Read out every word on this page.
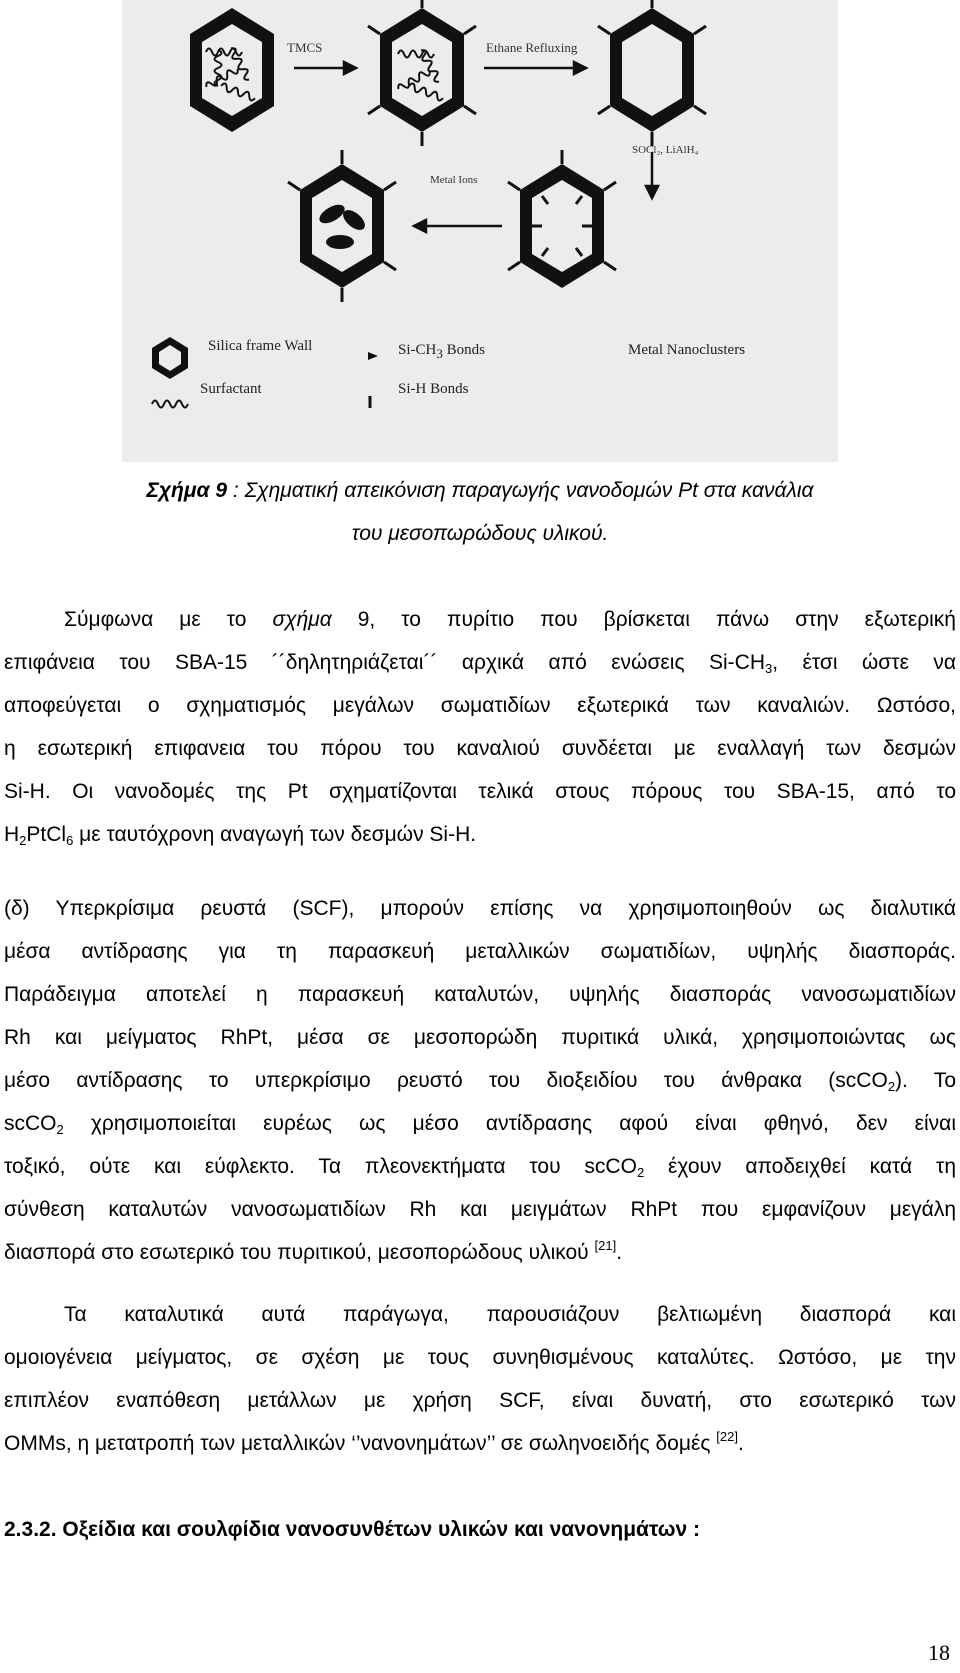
TMCS	Ethane Refluxing
SOCl₂, LiAlH₄
Metal Ions
Silica frame Wall
Surfactant
$Si-CH_3$ Bonds
Si-H Bonds
Metal Nanoclusters
Σχήμα 9 : Σχηματική απεικόνιση παραγωγής νανοδομών Pt στα κανάλια
του μεσοπωρώδους υλικού.
Σύμφωνα με το σχήμα 9, το πυρίτιο που βρίσκεται πάνω στην εξωτερική
επιφάνεια του SBA-15 ´´δηλητηριάζεται´´ αρχικά από ενώσεις $Si-CH_3$, έτσι ώστε να
αποφεύγεται ο σχηματισμός μεγάλων σωματιδίων εξωτερικά των καναλιών. Ωστόσο,
η εσωτερική επιφανεια του πόρου του καναλιού συνδέεται με εναλλαγή των δεσμών
Si-H. Οι νανοδομές της Pt σχηματίζονται τελικά στους πόρους του SBA-15, από το
$H_2PtCl_6$ με ταυτόχρονη αναγωγή των δεσμών Si-H.
(δ) Υπερκρίσιμα ρευστά (SCF), μπορούν επίσης να χρησιμοποιηθούν ως διαλυτικά
μέσα αντίδρασης για τη παρασκευή μεταλλικών σωματιδίων, υψηλής διασποράς.
Παράδειγμα αποτελεί η παρασκευή καταλυτών, υψηλής διασποράς νανοσωματιδίων
Rh και μείγματος RhPt, μέσα σε μεσοπορώδη πυριτικά υλικά, χρησιμοποιώντας ως
μέσο αντίδρασης το υπερκρίσιμο ρευστό του διοξειδίου του άνθρακα (scCO$_2$). Το
scCO$_2$ χρησιμοποιείται ευρέως ως μέσο αντίδρασης αφού είναι φθηνό, δεν είναι
τοξικό, ούτε και εύφλεκτο. Τα πλεονεκτήματα του scCO$_2$ έχουν αποδειχθεί κατά τη
σύνθεση καταλυτών νανοσωματιδίων Rh και μειγμάτων RhPt που εμφανίζουν μεγάλη
διασπορά στο εσωτερικό του πυριτικού, μεσοπορώδους υλικού [21].
Τα καταλυτικά αυτά παράγωγα, παρουσιάζουν βελτιωμένη διασπορά και
ομοιογένεια μείγματος, σε σχέση με τους συνηθισμένους καταλύτες. Ωστόσο, με την
επιπλέον εναπόθεση μετάλλων με χρήση SCF, είναι δυνατή, στο εσωτερικό των
OMMs, η μετατροπή των μεταλλικών ‘’νανονημάτων’’ σε σωληνοειδής δομές [22].
2.3.2. Οξείδια και σουλφίδια νανοσυνθέτων υλικών και νανονημάτων :
18
